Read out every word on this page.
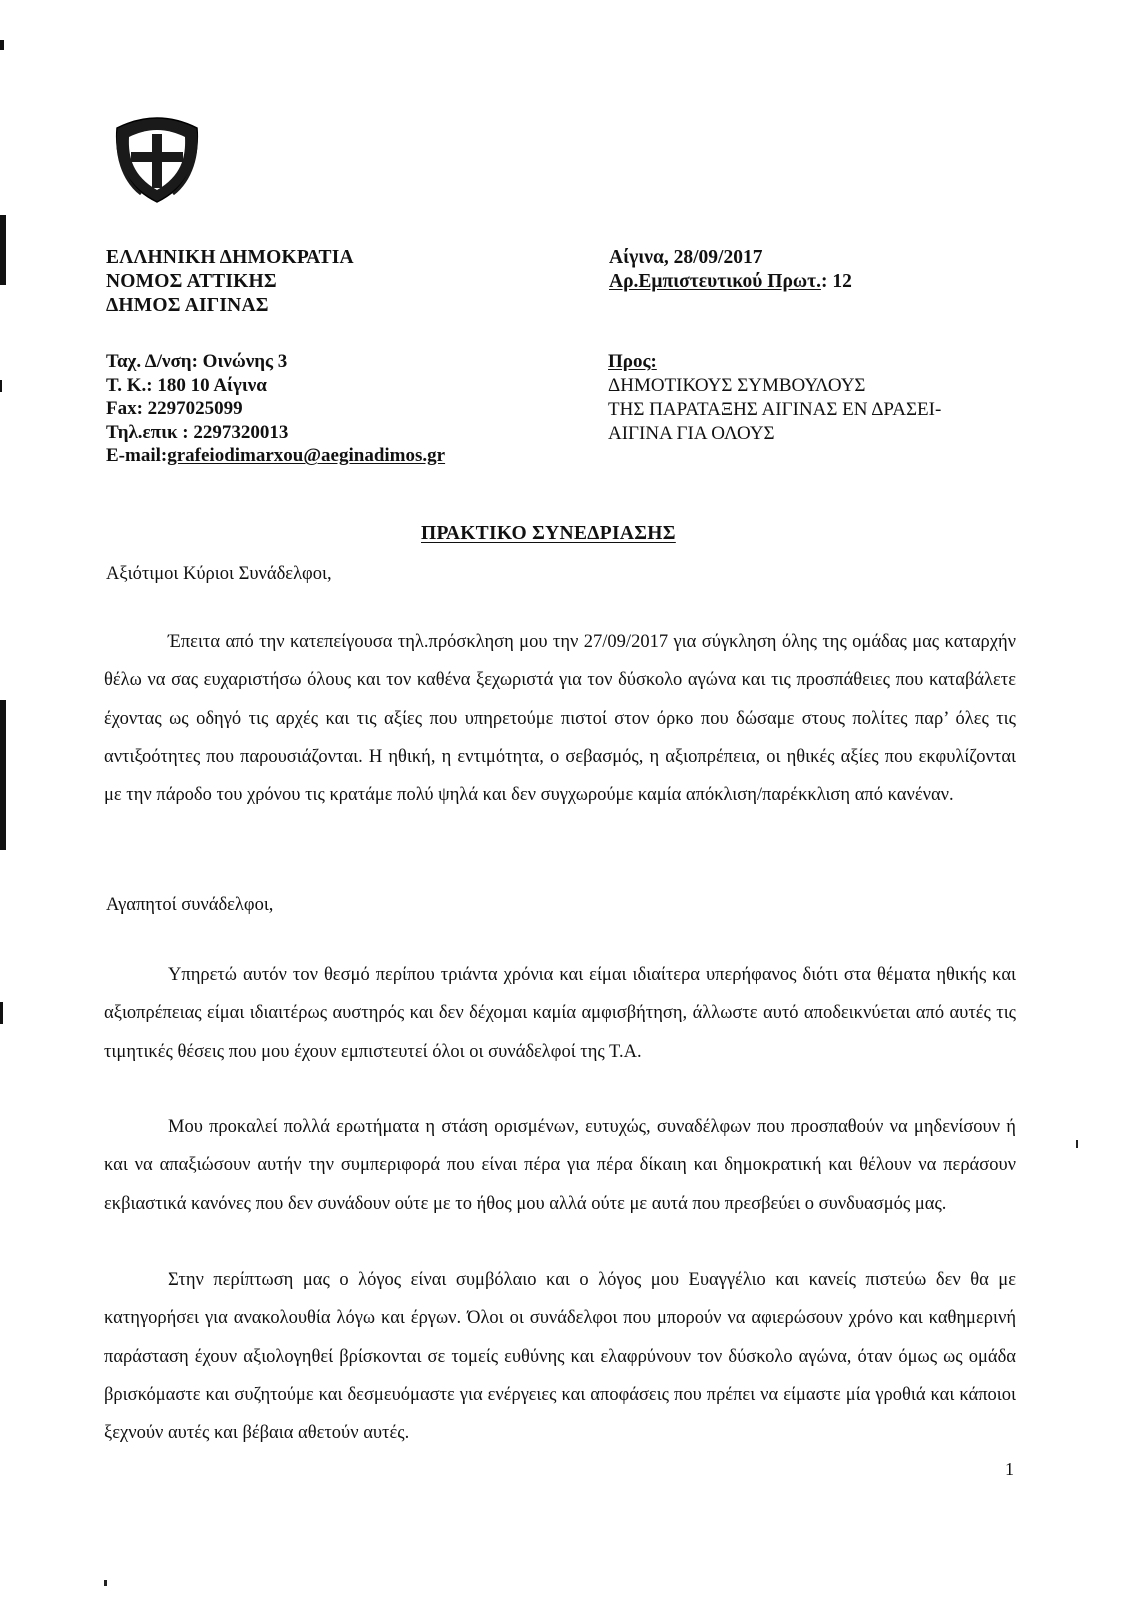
ΕΛΛΗΝΙΚΗ ΔΗΜΟΚΡΑΤΙΑ
ΝΟΜΟΣ ΑΤΤΙΚΗΣ
ΔΗΜΟΣ ΑΙΓΙΝΑΣ
Ταχ. Δ/νση: Οινώνης 3
Τ. Κ.: 180 10 Αίγινα
Fax: 2297025099
Τηλ.επικ : 2297320013
E-mail:grafeiodimarxou@aeginadimos.gr
Αίγινα, 28/09/2017
Αρ.Εμπιστευτικού Πρωτ.: 12
Προς:
ΔΗΜΟΤΙΚΟΥΣ ΣΥΜΒΟΥΛΟΥΣ
ΤΗΣ ΠΑΡΑΤΑΞΗΣ ΑΙΓΙΝΑΣ ΕΝ ΔΡΑΣΕΙ-
ΑΙΓΙΝΑ ΓΙΑ ΟΛΟΥΣ
ΠΡΑΚΤΙΚΟ ΣΥΝΕΔΡΙΑΣΗΣ
Αξιότιμοι Κύριοι Συνάδελφοι,

Έπειτα από την κατεπείγουσα τηλ.πρόσκληση μου την 27/09/2017 για σύγκληση όλης της ομάδας μας καταρχήν θέλω να σας ευχαριστήσω όλους και τον καθένα ξεχωριστά για τον δύσκολο αγώνα και τις προσπάθειες που καταβάλετε έχοντας ως οδηγό τις αρχές και τις αξίες που υπηρετούμε πιστοί στον όρκο που δώσαμε στους πολίτες παρ’ όλες τις αντιξοότητες που παρουσιάζονται. Η ηθική, η εντιμότητα, ο σεβασμός, η αξιοπρέπεια, οι ηθικές αξίες που εκφυλίζονται με την πάροδο του χρόνου τις κρατάμε πολύ ψηλά και δεν συγχωρούμε καμία απόκλιση/παρέκκλιση από κανέναν.

Αγαπητοί συνάδελφοι,

Υπηρετώ αυτόν τον θεσμό περίπου τριάντα χρόνια και είμαι ιδιαίτερα υπερήφανος διότι στα θέματα ηθικής και αξιοπρέπειας είμαι ιδιαιτέρως αυστηρός και δεν δέχομαι καμία αμφισβήτηση, άλλωστε αυτό αποδεικνύεται από αυτές τις τιμητικές θέσεις που μου έχουν εμπιστευτεί όλοι οι συνάδελφοί της Τ.Α.

Μου προκαλεί πολλά ερωτήματα η στάση ορισμένων, ευτυχώς, συναδέλφων που προσπαθούν να μηδενίσουν ή και να απαξιώσουν αυτήν την συμπεριφορά που είναι πέρα για πέρα δίκαιη και δημοκρατική και θέλουν να περάσουν εκβιαστικά κανόνες που δεν συνάδουν ούτε με το ήθος μου αλλά ούτε με αυτά που πρεσβεύει ο συνδυασμός μας.

Στην περίπτωση μας ο λόγος είναι συμβόλαιο και ο λόγος μου Ευαγγέλιο και κανείς πιστεύω δεν θα με κατηγορήσει για ανακολουθία λόγω και έργων. Όλοι οι συνάδελφοι που μπορούν να αφιερώσουν χρόνο και καθημερινή παράσταση έχουν αξιολογηθεί βρίσκονται σε τομείς ευθύνης και ελαφρύνουν τον δύσκολο αγώνα, όταν όμως ως ομάδα βρισκόμαστε και συζητούμε και δεσμευόμαστε για ενέργειες και αποφάσεις που πρέπει να είμαστε μία γροθιά και κάποιοι ξεχνούν αυτές και βέβαια αθετούν αυτές.

1
